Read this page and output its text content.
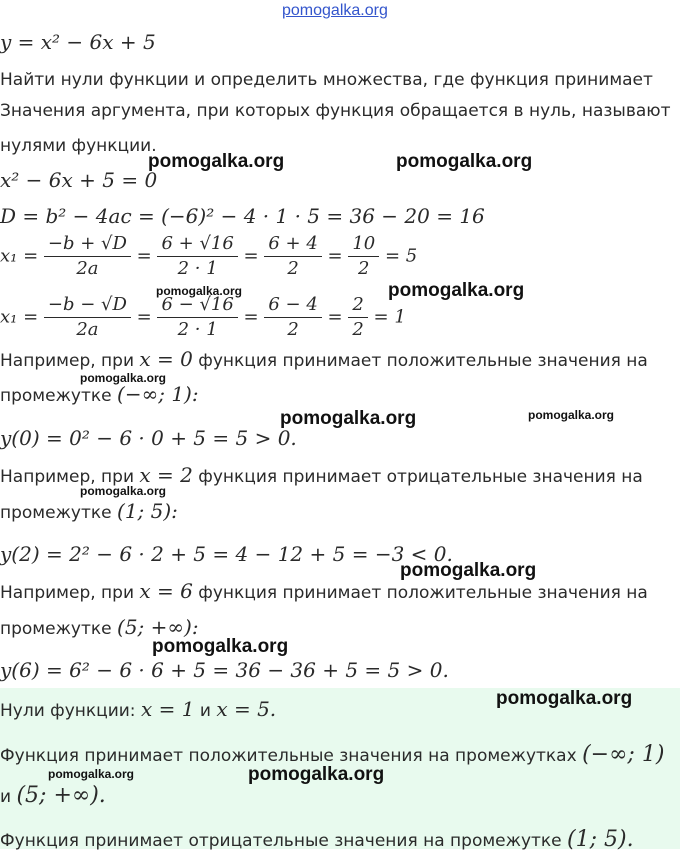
pomogalka.org
y = x² − 6x + 5
Найти нули функции и определить множества, где функция принимает
Значения аргумента, при которых функция обращается в нуль, называют
нулями функции.
x² − 6x + 5 = 0
D = b² − 4ac = (−6)² − 4 · 1 · 5 = 36 − 20 = 16
$x_1 = \frac{-b + √D}{2a} = \frac{6 + √16}{2 \cdot 1} = \frac{6 + 4}{2} = \frac{10}{2} = 5$
$x_1 = \frac{-b - √D}{2a} = \frac{6 - √16}{2 \cdot 1} = \frac{6 - 4}{2} = \frac{2}{2} = 1$
Например, при x = 0 функция принимает положительные значения на
промежутке (−∞; 1):
y(0) = 0² − 6 · 0 + 5 = 5 > 0.
Например, при x = 2 функция принимает отрицательные значения на
промежутке (1; 5):
y(2) = 2² − 6 · 2 + 5 = 4 − 12 + 5 = −3 < 0.
Например, при x = 6 функция принимает положительные значения на
промежутке (5; +∞):
y(6) = 6² − 6 · 6 + 5 = 36 − 36 + 5 = 5 > 0.
Нули функции: x = 1 и x = 5.
Функция принимает положительные значения на промежутках (−∞; 1)
и (5; +∞).
Функция принимает отрицательные значения на промежутке (1; 5).
pomogalka.org	pomogalka.org
pomogalka.org	pomogalka.org
pomogalka.org
pomogalka.org	pomogalka.org
pomogalka.org
pomogalka.org
pomogalka.org
pomogalka.org
pomogalka.org	pomogalka.org
